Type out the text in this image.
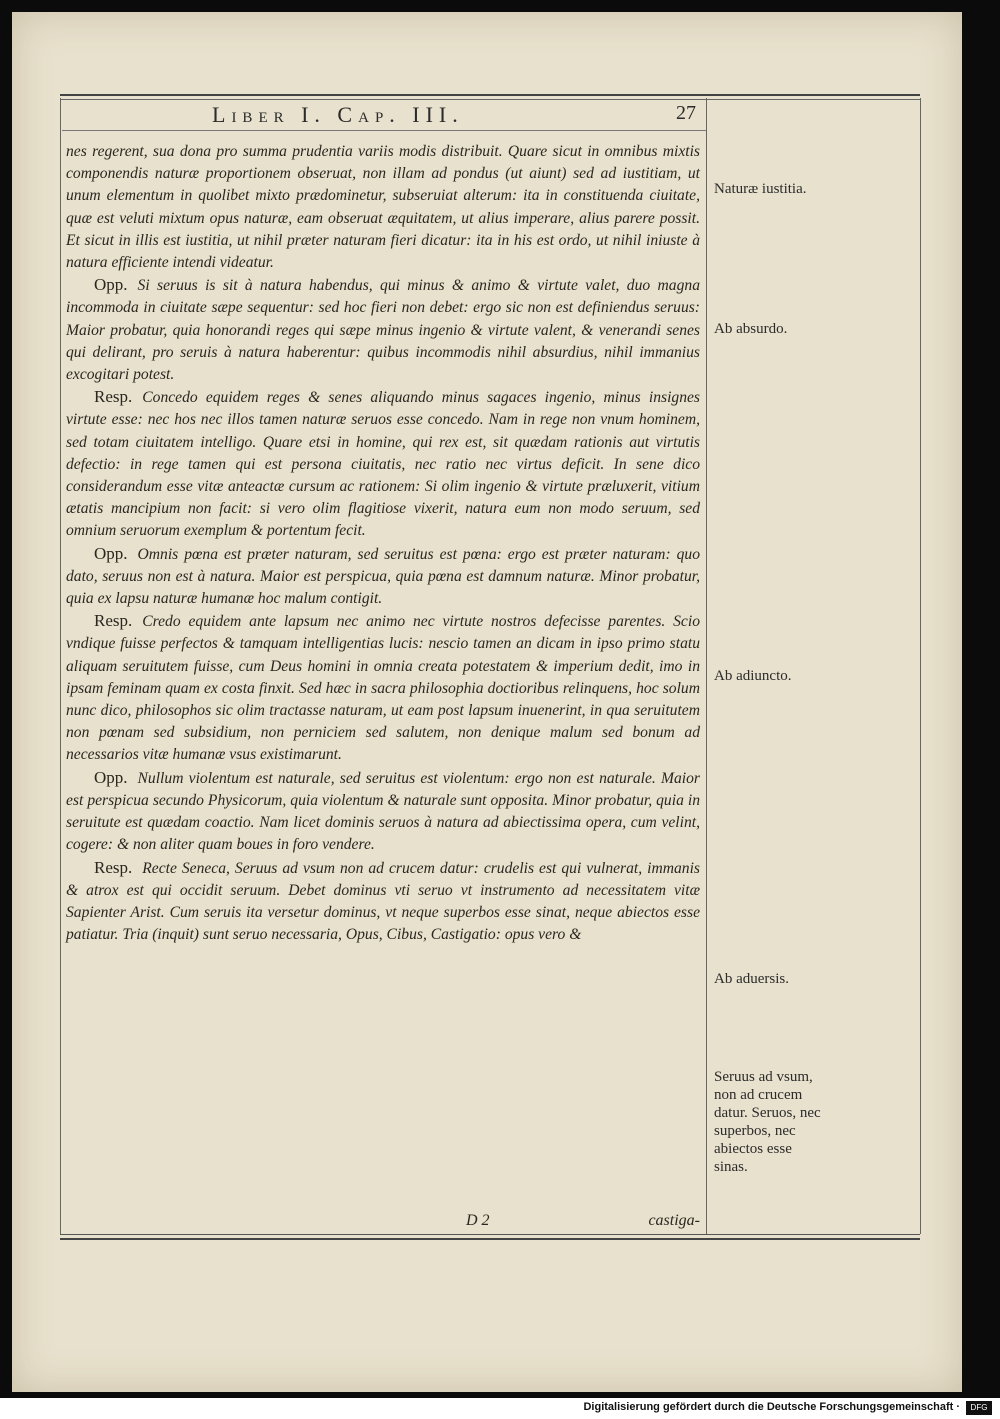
Liber I. Cap. III.	27

nes regerent, sua dona pro summa prudentia variis modis distribuit. Quare sicut in omnibus mixtis componendis naturæ proportionem obseruat, non illam ad pondus (ut aiunt) sed ad iustitiam, ut unum elementum in quolibet mixto prædominetur, subseruiat alterum: ita in constituenda ciuitate, quæ est veluti mixtum opus naturæ, eam obseruat æquitatem, ut alius imperare, alius parere possit. Et sicut in illis est iustitia, ut nihil præter naturam fieri dicatur: ita in his est ordo, ut nihil iniuste à natura efficiente intendi videatur.

Opp. Si seruus is sit à natura habendus, qui minus & animo & virtute valet, duo magna incommoda in ciuitate sæpe sequentur: sed hoc fieri non debet: ergo sic non est definiendus seruus: Maior probatur, quia honorandi reges qui sæpe minus ingenio & virtute valent, & venerandi senes qui delirant, pro seruis à natura haberentur: quibus incommodis nihil absurdius, nihil immanius excogitari potest.

Resp. Concedo equidem reges & senes aliquando minus sagaces ingenio, minus insignes virtute esse: nec hos nec illos tamen naturæ seruos esse concedo. Nam in rege non vnum hominem, sed totam ciuitatem intelligo. Quare etsi in homine, qui rex est, sit quædam rationis aut virtutis defectio: in rege tamen qui est persona ciuitatis, nec ratio nec virtus deficit. In sene dico considerandum esse vitæ anteactæ cursum ac rationem: Si olim ingenio & virtute præluxerit, vitium ætatis mancipium non facit: si vero olim flagitiose vixerit, natura eum non modo seruum, sed omnium seruorum exemplum & portentum fecit.

Opp. Omnis pœna est præter naturam, sed seruitus est pœna: ergo est præter naturam: quo dato, seruus non est à natura. Maior est perspicua, quia pœna est damnum naturæ. Minor probatur, quia ex lapsu naturæ humanæ hoc malum contigit.

Resp. Credo equidem ante lapsum nec animo nec virtute nostros defecisse parentes. Scio vndique fuisse perfectos & tamquam intelligentias lucis: nescio tamen an dicam in ipso primo statu aliquam seruitutem fuisse, cum Deus homini in omnia creata potestatem & imperium dedit, imo in ipsam feminam quam ex costa finxit. Sed hæc in sacra philosophia doctioribus relinquens, hoc solum nunc dico, philosophos sic olim tractasse naturam, ut eam post lapsum inuenerint, in qua seruitutem non pœnam sed subsidium, non perniciem sed salutem, non denique malum sed bonum ad necessarios vitæ humanæ vsus existimarunt.

Opp. Nullum violentum est naturale, sed seruitus est violentum: ergo non est naturale. Maior est perspicua secundo Physicorum, quia violentum & naturale sunt opposita. Minor probatur, quia in seruitute est quædam coactio. Nam licet dominis seruos à natura ad abiectissima opera, cum velint, cogere: & non aliter quam boues in foro vendere.

Resp. Recte Seneca, Seruus ad vsum non ad crucem datur: crudelis est qui vulnerat, immanis & atrox est qui occidit seruum. Debet dominus vti seruo vt instrumento ad necessitatem vitæ Sapienter Arist. Cum seruis ita versetur dominus, vt neque superbos esse sinat, neque abiectos esse patiatur. Tria (inquit) sunt seruo necessaria, Opus, Cibus, Castigatio: opus vero &

D 2	castiga-
Naturæ iustitia.
Ab absurdo.
Ab adiuncto.
Ab aduersis.
Seruus ad vsum, non ad crucem datur. Seruos, nec superbos, nec abiectos esse sinas.
Digitalisierung gefördert durch die Deutsche Forschungsgemeinschaft ·	DFG
